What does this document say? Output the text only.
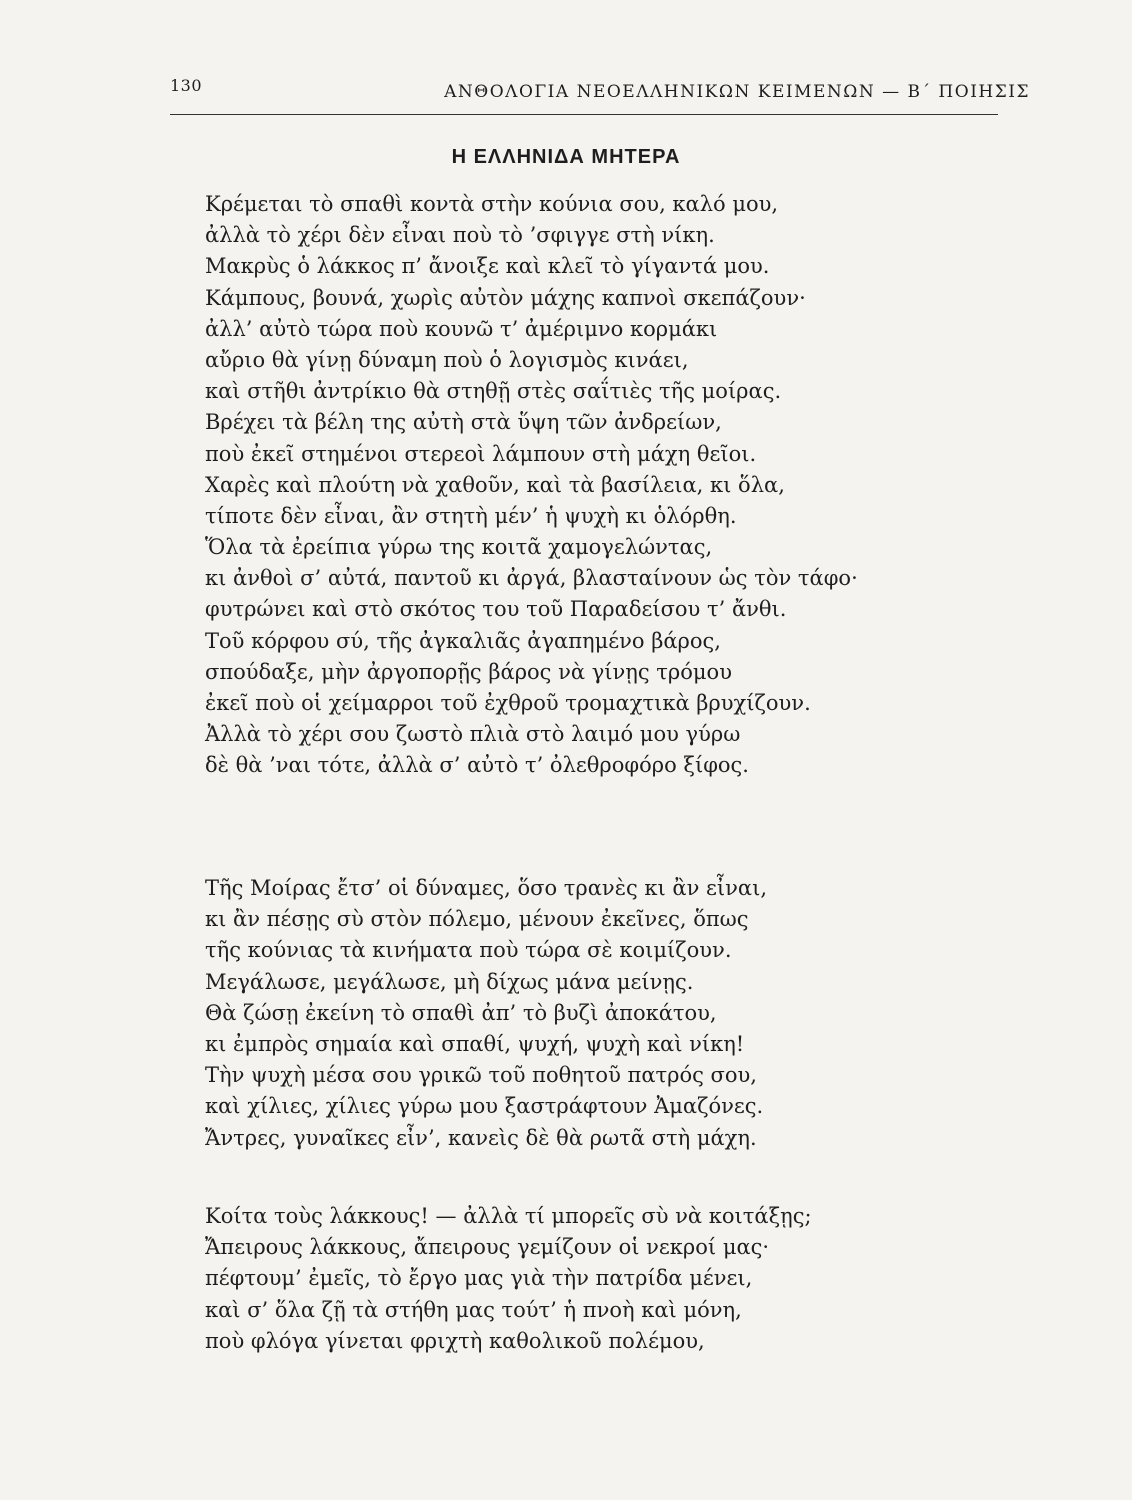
130	ΑΝΘΟΛΟΓΙΑ ΝΕΟΕΛΛΗΝΙΚΩΝ ΚΕΙΜΕΝΩΝ — Β΄ ΠΟΙΗΣΙΣ
Η ΕΛΛΗΝΙΔΑ ΜΗΤΕΡΑ
Κρέμεται τὸ σπαθὶ κοντὰ στὴν κούνια σου, καλό μου,
ἀλλὰ τὸ χέρι δὲν εἶναι ποὺ τὸ ’σφιγγε στὴ νίκη.
Μακρὺς ὁ λάκκος π’ ἄνοιξε καὶ κλεῖ τὸ γίγαντά μου.
Κάμπους, βουνά, χωρὶς αὐτὸν μάχης καπνοὶ σκεπάζουν·
ἀλλ’ αὐτὸ τώρα ποὺ κουνῶ τ’ ἀμέριμνο κορμάκι
αὔριο θὰ γίνῃ δύναμη ποὺ ὁ λογισμὸς κινάει,
καὶ στῆθι ἀντρίκιο θὰ στηθῇ στὲς σαΐτιὲς τῆς μοίρας.
Βρέχει τὰ βέλη της αὐτὴ στὰ ὕψη τῶν ἀνδρείων,
ποὺ ἐκεῖ στημένοι στερεοὶ λάμπουν στὴ μάχη θεῖοι.
Χαρὲς καὶ πλούτη νὰ χαθοῦν, καὶ τὰ βασίλεια, κι ὅλα,
τίποτε δὲν εἶναι, ἂν στητὴ μέν’ ἡ ψυχὴ κι ὁλόρθη.
Ὅλα τὰ ἐρείπια γύρω της κοιτᾶ χαμογελώντας,
κι ἀνθοὶ σ’ αὐτά, παντοῦ κι ἀργά, βλασταίνουν ὡς τὸν τάφο·
φυτρώνει καὶ στὸ σκότος του τοῦ Παραδείσου τ’ ἄνθι.
Τοῦ κόρφου σύ, τῆς ἀγκαλιᾶς ἀγαπημένο βάρος,
σπούδαξε, μὴν ἀργοπορῇς βάρος νὰ γίνῃς τρόμου
ἐκεῖ ποὺ οἱ χείμαρροι τοῦ ἐχθροῦ τρομαχτικὰ βρυχίζουν.
Ἀλλὰ τὸ χέρι σου ζωστὸ πλιὰ στὸ λαιμό μου γύρω
δὲ θὰ ’ναι τότε, ἀλλὰ σ’ αὐτὸ τ’ ὀλεθροφόρο ξίφος.
Τῆς Μοίρας ἔτσ’ οἱ δύναμες, ὅσο τρανὲς κι ἂν εἶναι,
κι ἂν πέσῃς σὺ στὸν πόλεμο, μένουν ἐκεῖνες, ὅπως
τῆς κούνιας τὰ κινήματα ποὺ τώρα σὲ κοιμίζουν.
Μεγάλωσε, μεγάλωσε, μὴ δίχως μάνα μείνῃς.
Θὰ ζώσῃ ἐκείνη τὸ σπαθὶ ἀπ’ τὸ βυζὶ ἀποκάτου,
κι ἐμπρὸς σημαία καὶ σπαθί, ψυχή, ψυχὴ καὶ νίκη!
Τὴν ψυχὴ μέσα σου γρικῶ τοῦ ποθητοῦ πατρός σου,
καὶ χίλιες, χίλιες γύρω μου ξαστράφτουν Ἀμαζόνες.
Ἄντρες, γυναῖκες εἶν’, κανεὶς δὲ θὰ ρωτᾶ στὴ μάχη.
Κοίτα τοὺς λάκκους! — ἀλλὰ τί μπορεῖς σὺ νὰ κοιτάξῃς;
Ἄπειρους λάκκους, ἄπειρους γεμίζουν οἱ νεκροί μας·
πέφτουμ’ ἐμεῖς, τὸ ἔργο μας γιὰ τὴν πατρίδα μένει,
καὶ σ’ ὅλα ζῇ τὰ στήθη μας τούτ’ ἡ πνοὴ καὶ μόνη,
ποὺ φλόγα γίνεται φριχτὴ καθολικοῦ πολέμου,
